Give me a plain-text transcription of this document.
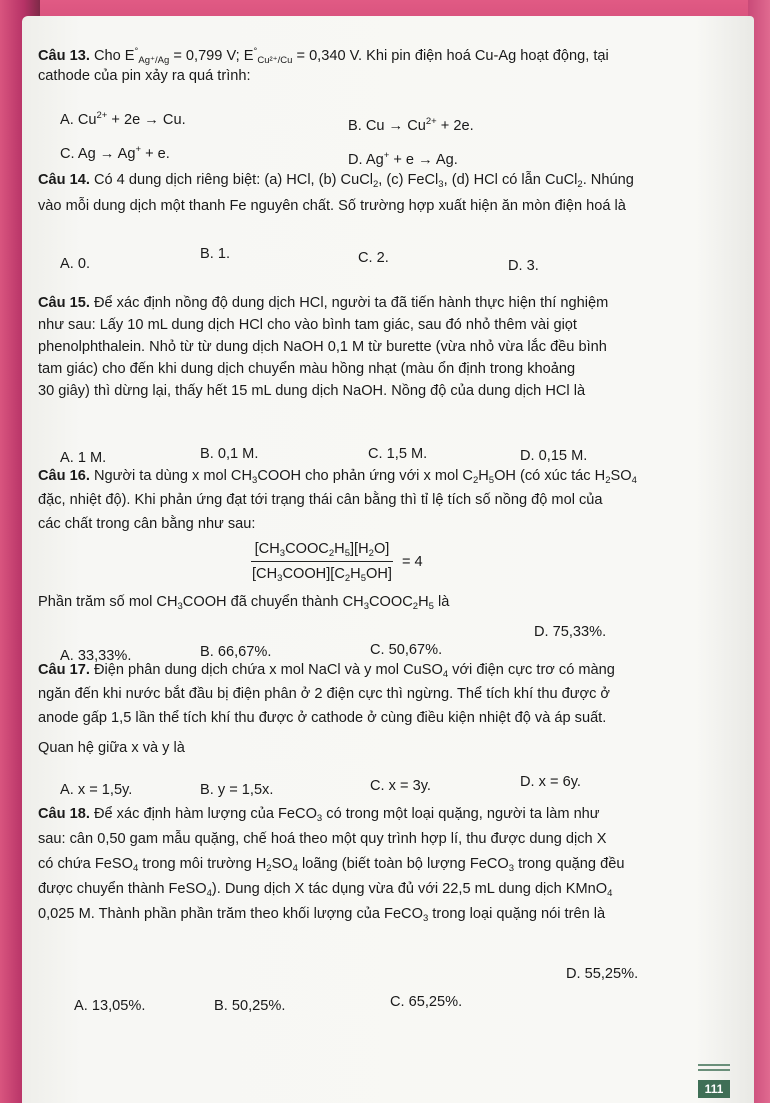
Câu 13. Cho $E^\circ_{Ag^+/Ag} = 0,799$ V; $E^\circ_{Cu^{2+}/Cu} = 0,340$ V. Khi pin điện hoá Cu-Ag hoạt động, tại
cathode của pin xảy ra quá trình:
A. $Cu^{2+} + 2e \to Cu$.	B. $Cu \to Cu^{2+} + 2e$.
C. Ag → Ag+ + e.	D. Ag+ + e → Ag.
Câu 14. Có 4 dung dịch riêng biệt: (a) HCl, (b) CuCl$_2$, (c) FeCl$_3$, (d) HCl có lẫn CuCl$_2$. Nhúng
vào mỗi dung dịch một thanh Fe nguyên chất. Số trường hợp xuất hiện ăn mòn điện hoá là
A. 0.
B. 1.	C. 2.	D. 3.
Câu 15. Để xác định nồng độ dung dịch HCl, người ta đã tiến hành thực hiện thí nghiệm
như sau: Lấy 10 mL dung dịch HCl cho vào bình tam giác, sau đó nhỏ thêm vài giọt
phenolphthalein. Nhỏ từ từ dung dịch NaOH 0,1 M từ burette (vừa nhỏ vừa lắc đều bình
tam giác) cho đến khi dung dịch chuyển màu hồng nhạt (màu ổn định trong khoảng
30 giây) thì dừng lại, thấy hết 15 mL dung dịch NaOH. Nồng độ của dung dịch HCl là
A. 1 M.	B. 0,1 M.	C. 1,5 M.	D. 0,15 M.
Câu 16. Người ta dùng x mol $CH_3COOH$ cho phản ứng với x mol $C_2H_5OH$ (có xúc tác $H_2SO_4$
đặc, nhiệt độ). Khi phản ứng đạt tới trạng thái cân bằng thì tỉ lệ tích số nồng độ mol của
các chất trong cân bằng như sau:
$\frac{[CH_3COOC_2H_5][H_2O]}{[CH_3COOH][C_2H_5OH]} = 4$
Phần trăm số mol $CH_3COOH$ đã chuyển thành $CH_3COOC_2H_5$ là
A. 33,33%.	B. 66,67%.	C. 50,67%.
D. 75,33%.
Câu 17. Điện phân dung dịch chứa x mol NaCl và y mol CuSO$_4$ với điện cực trơ có màng
ngăn đến khi nước bắt đầu bị điện phân ở 2 điện cực thì ngừng. Thể tích khí thu được ở
anode gấp 1,5 lần thể tích khí thu được ở cathode ở cùng điều kiện nhiệt độ và áp suất.
Quan hệ giữa x và y là
A. x = 1,5y.	B. y = 1,5x.	C. x = 3y.	D. x = 6y.
Câu 18. Để xác định hàm lượng của FeCO$_3$ có trong một loại quặng, người ta làm như
sau: cân 0,50 gam mẫu quặng, chế hoá theo một quy trình hợp lí, thu được dung dịch X
có chứa FeSO$_4$ trong môi trường $H_2SO_4$ loãng (biết toàn bộ lượng FeCO$_3$ trong quặng đều
được chuyển thành FeSO$_4$). Dung dịch X tác dụng vừa đủ với 22,5 mL dung dịch KMnO$_4$
0,025 M. Thành phần phần trăm theo khối lượng của FeCO$_3$ trong loại quặng nói trên là
A. 13,05%.	B. 50,25%.	C. 65,25%.
D. 55,25%.
111
